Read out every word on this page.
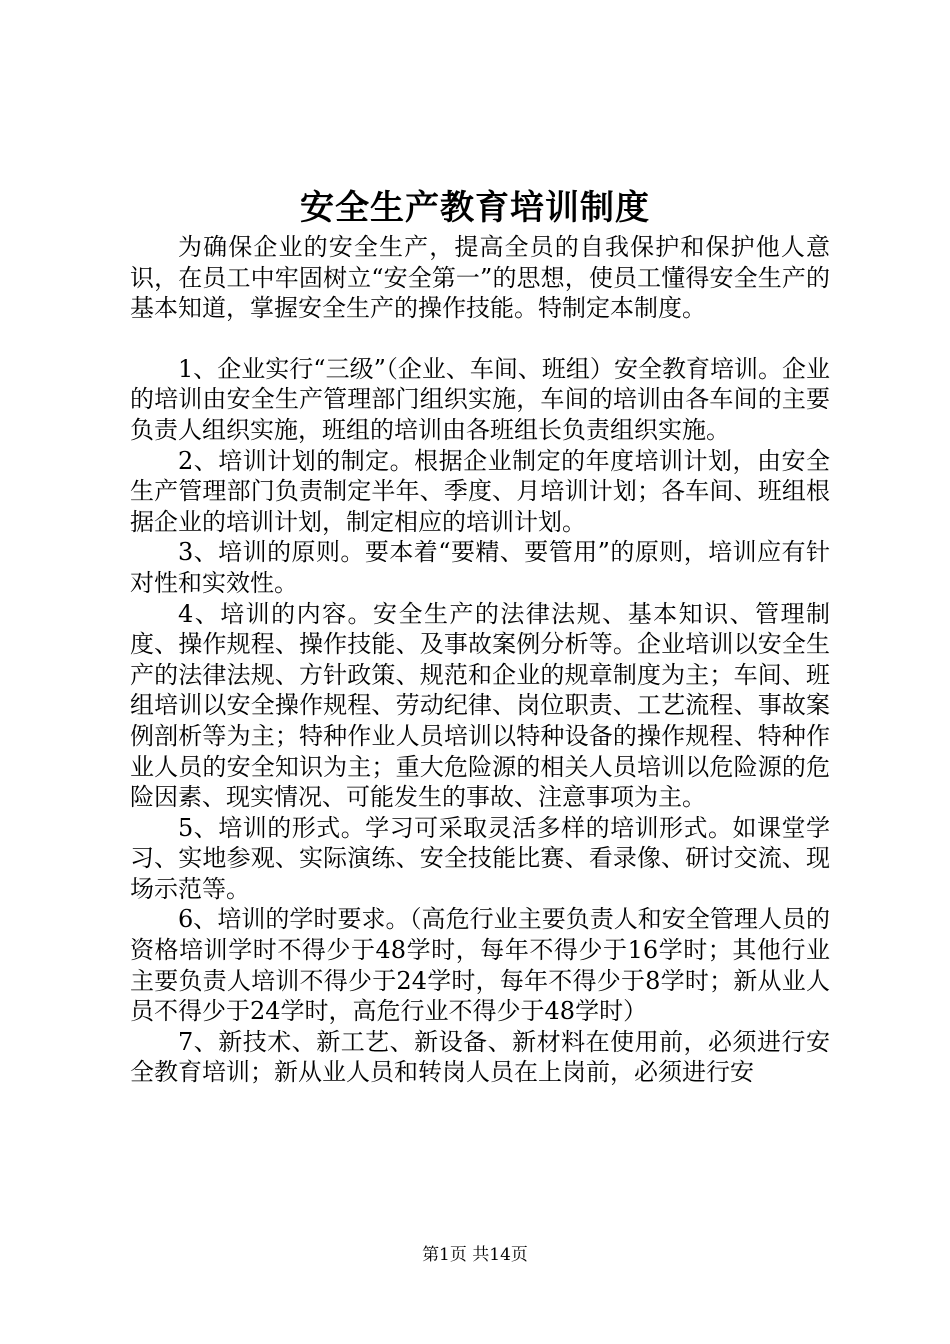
安全生产教育培训制度

为确保企业的安全生产，提高全员的自我保护和保护他人意识，在员工中牢固树立“安全第一”的思想，使员工懂得安全生产的基本知道，掌握安全生产的操作技能。特制定本制度。

1、企业实行“三级”（企业、车间、班组）安全教育培训。企业的培训由安全生产管理部门组织实施，车间的培训由各车间的主要负责人组织实施，班组的培训由各班组长负责组织实施。

2、培训计划的制定。根据企业制定的年度培训计划，由安全生产管理部门负责制定半年、季度、月培训计划；各车间、班组根据企业的培训计划，制定相应的培训计划。

3、培训的原则。要本着“要精、要管用”的原则，培训应有针对性和实效性。

4、培训的内容。安全生产的法律法规、基本知识、管理制度、操作规程、操作技能、及事故案例分析等。企业培训以安全生产的法律法规、方针政策、规范和企业的规章制度为主；车间、班组培训以安全操作规程、劳动纪律、岗位职责、工艺流程、事故案例剖析等为主；特种作业人员培训以特种设备的操作规程、特种作业人员的安全知识为主；重大危险源的相关人员培训以危险源的危险因素、现实情况、可能发生的事故、注意事项为主。

5、培训的形式。学习可采取灵活多样的培训形式。如课堂学习、实地参观、实际演练、安全技能比赛、看录像、研讨交流、现场示范等。

6、培训的学时要求。（高危行业主要负责人和安全管理人员的资格培训学时不得少于48学时，每年不得少于16学时；其他行业主要负责人培训不得少于24学时，每年不得少于8学时；新从业人员不得少于24学时，高危行业不得少于48学时）

7、新技术、新工艺、新设备、新材料在使用前，必须进行安全教育培训；新从业人员和转岗人员在上岗前，必须进行安

第1页 共14页
